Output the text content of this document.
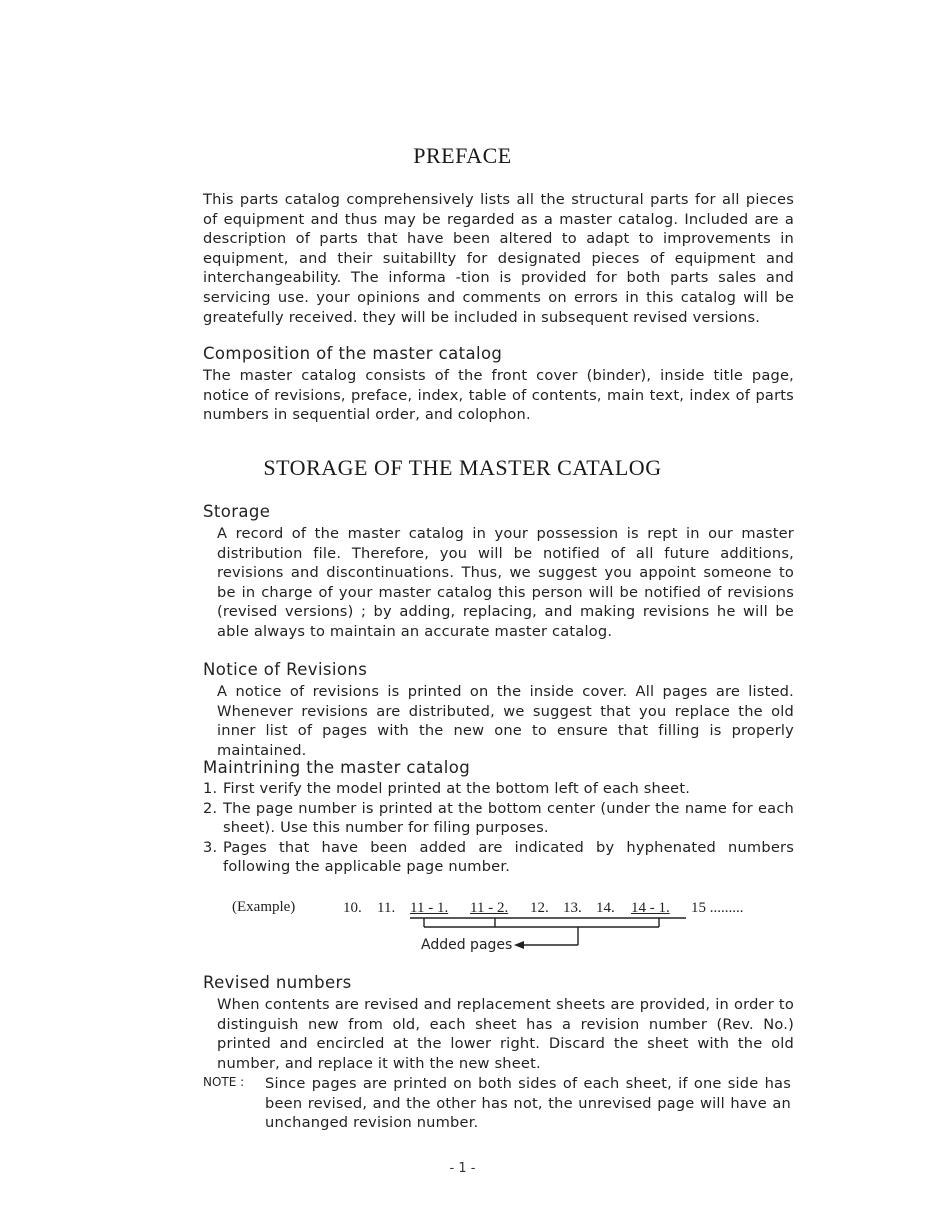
PREFACE
This parts catalog comprehensively lists all the structural parts for all pieces of equipment and thus may be regarded as a master catalog. Included are a description of parts that have been altered to adapt to improvements in equipment, and their suitabillty for designated pieces of equipment and interchangeability. The informa -tion is provided for both parts sales and servicing use. your opinions and comments on errors in this catalog will be greatefully received. they will be included in subsequent revised versions.
Composition of the master catalog
The master catalog consists of the front cover (binder), inside title page, notice of revisions, preface, index, table of contents, main text, index of parts numbers in sequential order, and colophon.
STORAGE OF THE MASTER CATALOG
Storage
A record of the master catalog in your possession is rept in our master distribution file. Therefore, you will be notified of all future additions, revisions and discontinuations. Thus, we suggest you appoint someone to be in charge of your master catalog this person will be notified of revisions (revised versions) ; by adding, replacing, and making revisions he will be able always to maintain an accurate master catalog.
Notice of Revisions
A notice of revisions is printed on the inside cover. All pages are listed. Whenever revisions are distributed, we suggest that you replace the old inner list of pages with the new one to ensure that filling is properly maintained.
Maintrining the master catalog
1. First verify the model printed at the bottom left of each sheet.
2. The page number is printed at the bottom center (under the name for each sheet). Use this number for filing purposes.
3. Pages that have been added are indicated by hyphenated numbers following the applicable page number.
(Example)	10. 11. 11 - 1. 11 - 2. 12. 13. 14. 14 - 1. 15 .........
Added pages
Revised numbers
When contents are revised and replacement sheets are provided, in order to distinguish new from old, each sheet has a revision number (Rev. No.) printed and encircled at the lower right. Discard the sheet with the old number, and replace it with the new sheet.
NOTE : Since pages are printed on both sides of each sheet, if one side has been revised, and the other has not, the unrevised page will have an unchanged revision number.
- 1 -
